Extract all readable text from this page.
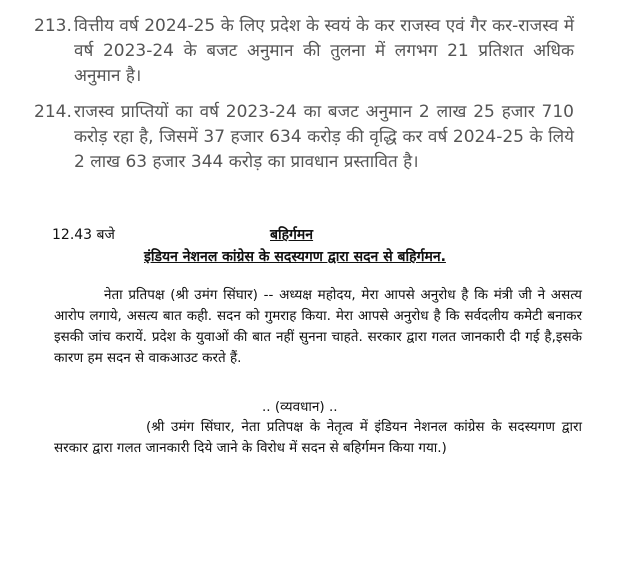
213. वित्तीय वर्ष 2024-25 के लिए प्रदेश के स्वयं के कर राजस्व एवं गैर कर-राजस्व में वर्ष 2023-24 के बजट अनुमान की तुलना में लगभग 21 प्रतिशत अधिक अनुमान है।
214. राजस्व प्राप्तियों का वर्ष 2023-24 का बजट अनुमान 2 लाख 25 हजार 710 करोड़ रहा है, जिसमें 37 हजार 634 करोड़ की वृद्धि कर वर्ष 2024-25 के लिये 2 लाख 63 हजार 344 करोड़ का प्रावधान प्रस्तावित है।
12.43 बजे	बहिर्गमन
इंडियन नेशनल कांग्रेस के सदस्यगण द्वारा सदन से बहिर्गमन.
नेता प्रतिपक्ष (श्री उमंग सिंघार) -- अध्यक्ष महोदय, मेरा आपसे अनुरोध है कि मंत्री जी ने असत्य आरोप लगाये, असत्य बात कही. सदन को गुमराह किया. मेरा आपसे अनुरोध है कि सर्वदलीय कमेटी बनाकर इसकी जांच करायें. प्रदेश के युवाओं की बात नहीं सुनना चाहते. सरकार द्वारा गलत जानकारी दी गई है,इसके कारण हम सदन से वाकआउट करते हैं.
.. (व्यवधान) ..
(श्री उमंग सिंघार, नेता प्रतिपक्ष के नेतृत्व में इंडियन नेशनल कांग्रेस के सदस्यगण द्वारा सरकार द्वारा गलत जानकारी दिये जाने के विरोध में सदन से बहिर्गमन किया गया.)
